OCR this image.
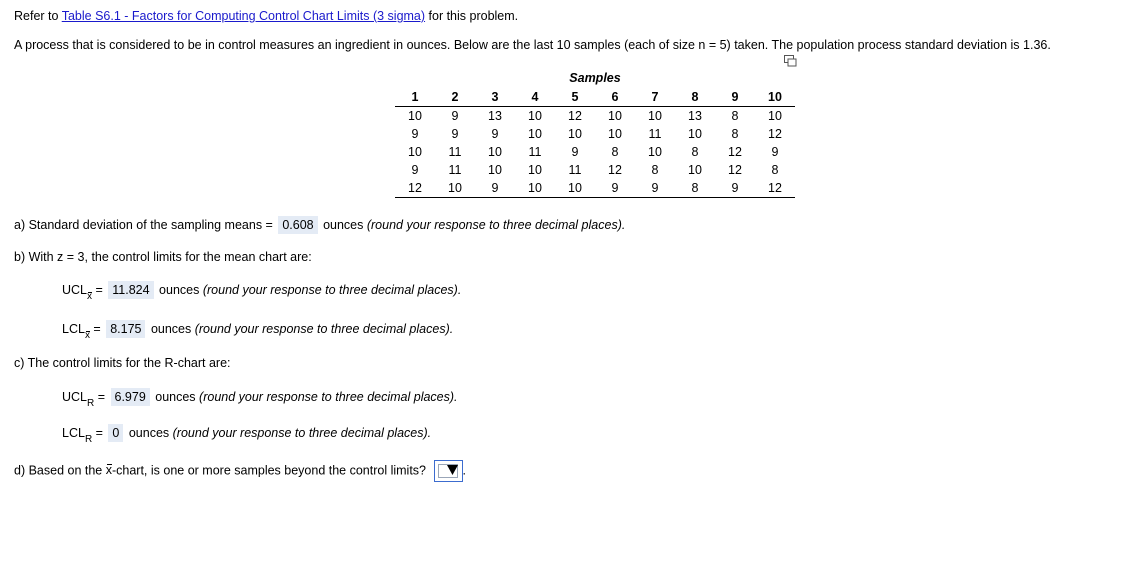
Refer to Table S6.1 - Factors for Computing Control Chart Limits (3 sigma) for this problem.
A process that is considered to be in control measures an ingredient in ounces. Below are the last 10 samples (each of size n = 5) taken. The population process standard deviation is 1.36.
Samples
1	2	3	4	5	6	7	8	9	10
10	9	13	10	12	10	10	13	8	10
9	9	9	10	10	10	11	10	8	12
10	11	10	11	9	8	10	8	12	9
9	11	10	10	11	12	8	10	12	8
12	10	9	10	10	9	9	8	9	12
a) Standard deviation of the sampling means = 0.608 ounces (round your response to three decimal places).
b) With z = 3, the control limits for the mean chart are:
UCLx = 11.824 ounces (round your response to three decimal places).
LCLx = 8.175 ounces (round your response to three decimal places).
c) The control limits for the R-chart are:
$UCL_R = 6.979$ ounces (round your response to three decimal places).
$LCL_R = 0$ ounces (round your response to three decimal places).
d) Based on the x-chart, is one or more samples beyond the control limits?	.
